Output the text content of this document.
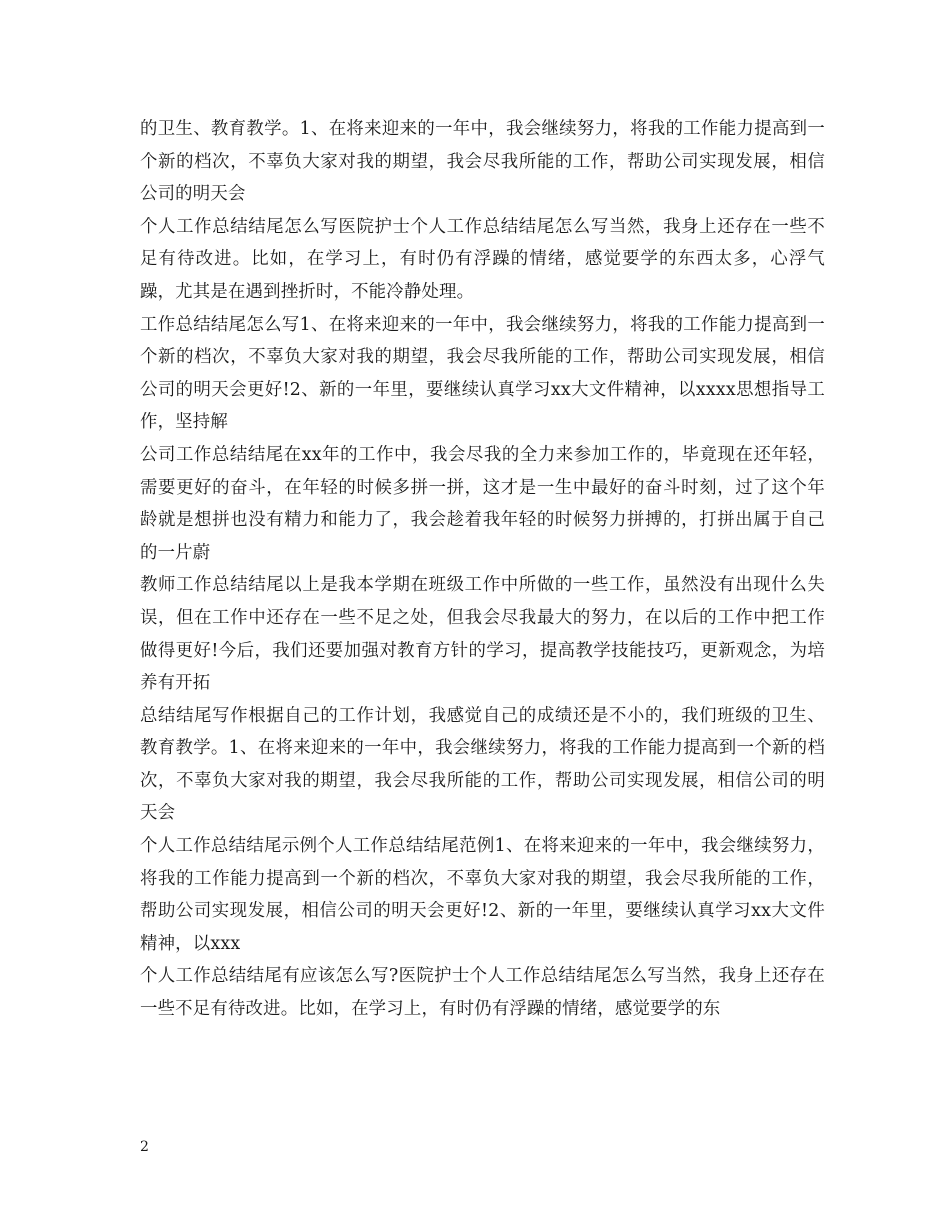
的卫生、教育教学。1、在将来迎来的一年中，我会继续努力，将我的工作能力提高到一个新的档次，不辜负大家对我的期望，我会尽我所能的工作，帮助公司实现发展，相信公司的明天会

个人工作总结结尾怎么写医院护士个人工作总结结尾怎么写当然，我身上还存在一些不足有待改进。比如，在学习上，有时仍有浮躁的情绪，感觉要学的东西太多，心浮气躁，尤其是在遇到挫折时，不能冷静处理。

工作总结结尾怎么写1、在将来迎来的一年中，我会继续努力，将我的工作能力提高到一个新的档次，不辜负大家对我的期望，我会尽我所能的工作，帮助公司实现发展，相信公司的明天会更好!2、新的一年里，要继续认真学习xx大文件精神，以xxxx思想指导工作，坚持解

公司工作总结结尾在xx年的工作中，我会尽我的全力来参加工作的，毕竟现在还年轻，需要更好的奋斗，在年轻的时候多拼一拼，这才是一生中最好的奋斗时刻，过了这个年龄就是想拼也没有精力和能力了，我会趁着我年轻的时候努力拼搏的，打拼出属于自己的一片蔚

教师工作总结结尾以上是我本学期在班级工作中所做的一些工作，虽然没有出现什么失误，但在工作中还存在一些不足之处，但我会尽我最大的努力，在以后的工作中把工作做得更好!今后，我们还要加强对教育方针的学习，提高教学技能技巧，更新观念，为培养有开拓

总结结尾写作根据自己的工作计划，我感觉自己的成绩还是不小的，我们班级的卫生、教育教学。1、在将来迎来的一年中，我会继续努力，将我的工作能力提高到一个新的档次，不辜负大家对我的期望，我会尽我所能的工作，帮助公司实现发展，相信公司的明天会

个人工作总结结尾示例个人工作总结结尾范例1、在将来迎来的一年中，我会继续努力，将我的工作能力提高到一个新的档次，不辜负大家对我的期望，我会尽我所能的工作，帮助公司实现发展，相信公司的明天会更好!2、新的一年里，要继续认真学习xx大文件精神，以xxx

个人工作总结结尾有应该怎么写?医院护士个人工作总结结尾怎么写当然，我身上还存在一些不足有待改进。比如，在学习上，有时仍有浮躁的情绪，感觉要学的东

2
